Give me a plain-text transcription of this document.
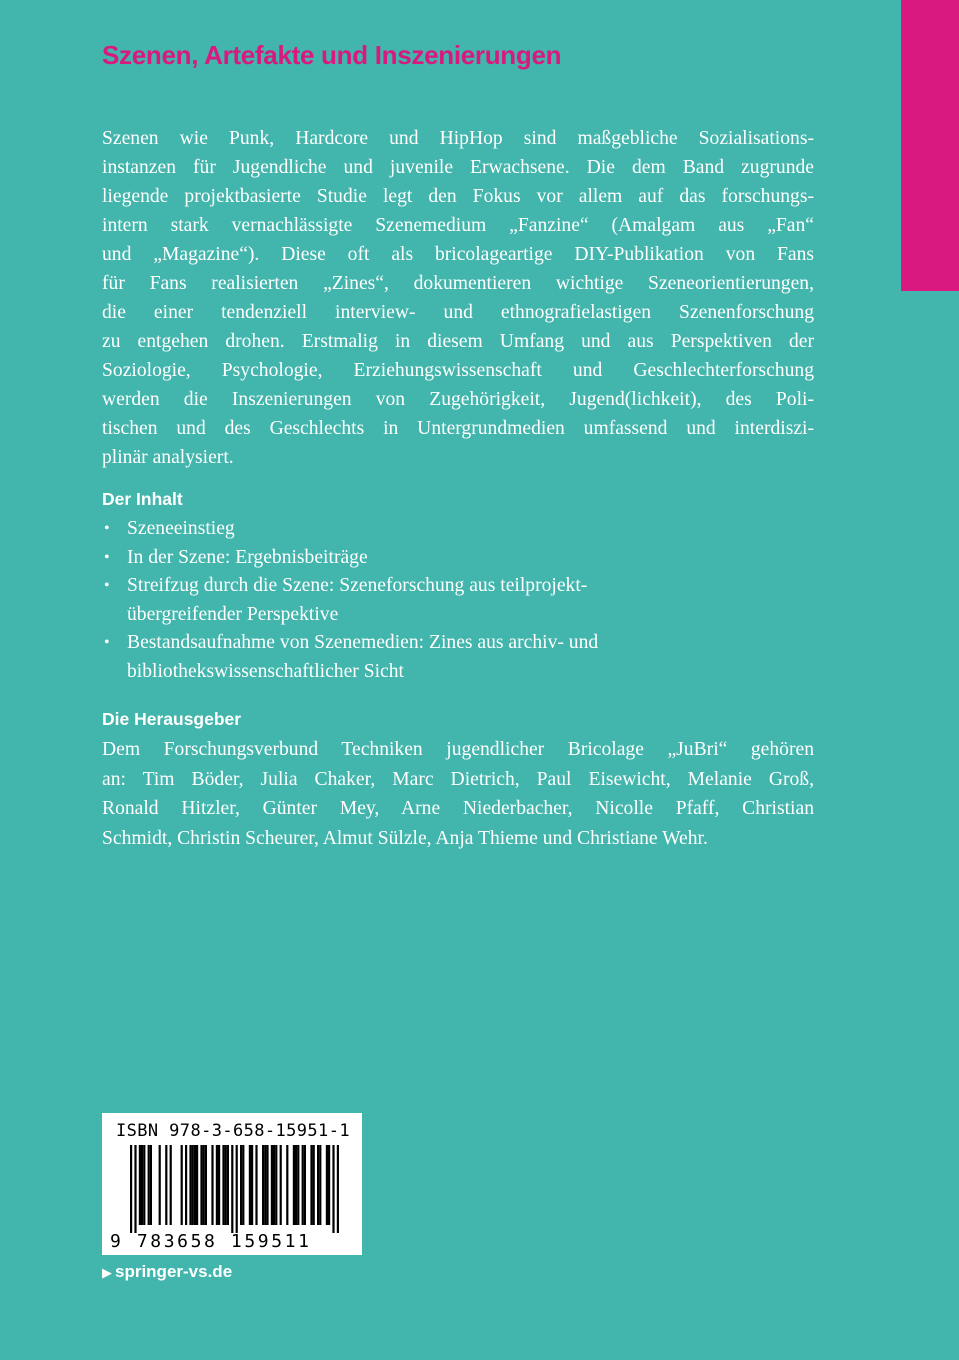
Szenen, Artefakte und Inszenierungen

Szenen wie Punk, Hardcore und HipHop sind maßgebliche Sozialisations-
instanzen für Jugendliche und juvenile Erwachsene. Die dem Band zugrunde
liegende projektbasierte Studie legt den Fokus vor allem auf das forschungs-
intern stark vernachlässigte Szenemedium „Fanzine“ (Amalgam aus „Fan“
und „Magazine“). Diese oft als bricolageartige DIY-Publikation von Fans
für Fans realisierten „Zines“, dokumentieren wichtige Szeneorientierungen,
die einer tendenziell interview- und ethnografielastigen Szenenforschung
zu entgehen drohen. Erstmalig in diesem Umfang und aus Perspektiven der
Soziologie, Psychologie, Erziehungswissenschaft und Geschlechterforschung
werden die Inszenierungen von Zugehörigkeit, Jugend(lichkeit), des Poli-
tischen und des Geschlechts in Untergrundmedien umfassend und interdiszi-
plinär analysiert.

Der Inhalt
• Szeneeinstieg
• In der Szene: Ergebnisbeiträge
• Streifzug durch die Szene: Szeneforschung aus teilprojekt-
übergreifender Perspektive
• Bestandsaufnahme von Szenemedien: Zines aus archiv- und
bibliothekswissenschaftlicher Sicht
Die Herausgeber

Dem Forschungsverbund Techniken jugendlicher Bricolage „JuBri“ gehören
an: Tim Böder, Julia Chaker, Marc Dietrich, Paul Eisewicht, Melanie Groß,
Ronald Hitzler, Günter Mey, Arne Niederbacher, Nicolle Pfaff, Christian
Schmidt, Christin Scheurer, Almut Sülzle, Anja Thieme und Christiane Wehr.

ISBN 978-3-658-15951-1
9 783658 159511
▶ springer-vs.de
